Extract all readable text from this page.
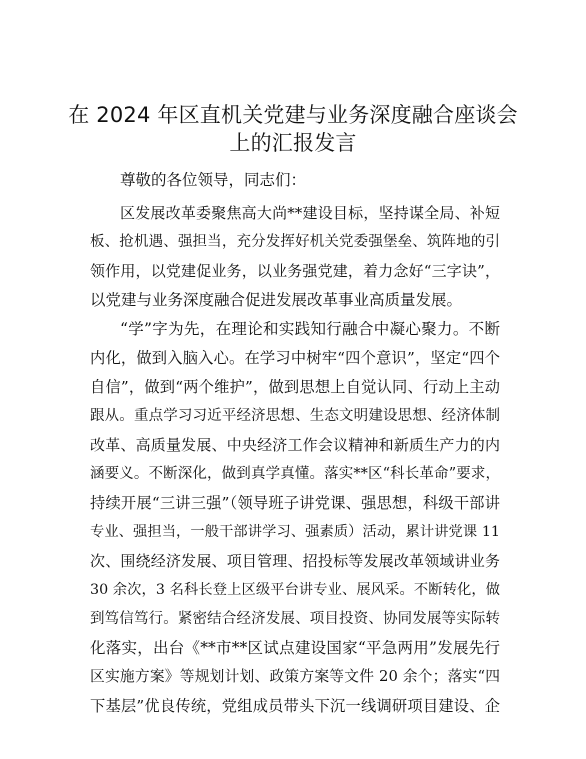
在 2024 年区直机关党建与业务深度融合座谈会
上的汇报发言
尊敬的各位领导，同志们：
区发展改革委聚焦高大尚**建设目标，坚持谋全局、补短
板、抢机遇、强担当，充分发挥好机关党委强堡垒、筑阵地的引
领作用，以党建促业务，以业务强党建，着力念好“三字诀”，
以党建与业务深度融合促进发展改革事业高质量发展。
“学”字为先，在理论和实践知行融合中凝心聚力。不断
内化，做到入脑入心。在学习中树牢“四个意识”，坚定“四个
自信”，做到“两个维护”，做到思想上自觉认同、行动上主动
跟从。重点学习习近平经济思想、生态文明建设思想、经济体制
改革、高质量发展、中央经济工作会议精神和新质生产力的内
涵要义。不断深化，做到真学真懂。落实**区“科长革命”要求，
持续开展“三讲三强”（领导班子讲党课、强思想，科级干部讲
专业、强担当，一般干部讲学习、强素质）活动，累计讲党课 11
次、围绕经济发展、项目管理、招投标等发展改革领域讲业务
30 余次，3 名科长登上区级平台讲专业、展风采。不断转化，做
到笃信笃行。紧密结合经济发展、项目投资、协同发展等实际转
化落实，出台《**市**区试点建设国家“平急两用”发展先行
区实施方案》等规划计划、政策方案等文件 20 余个；落实“四
下基层”优良传统，党组成员带头下沉一线调研项目建设、企
